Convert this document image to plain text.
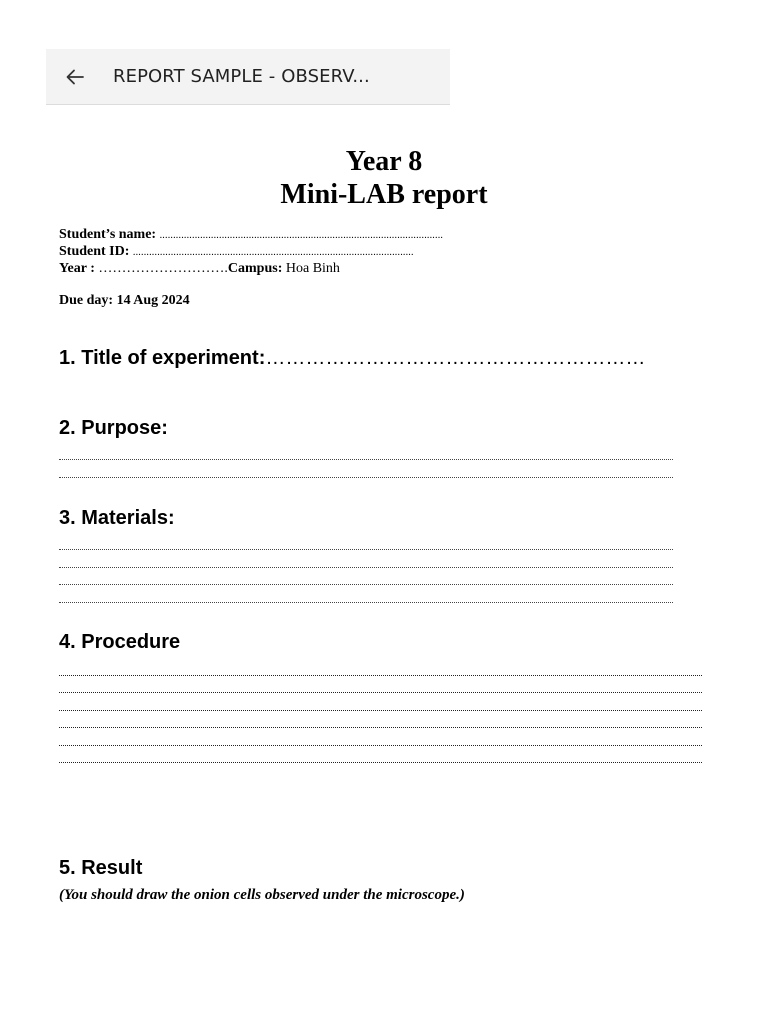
REPORT SAMPLE - OBSERV...
Year 8
Mini-LAB report
Student’s name: .........................................................................................................
Student ID: ........................................................................................................
Year : ……………………….Campus: Hoa Binh
Due day: 14 Aug 2024
1. Title of experiment:…………………………………………………
2. Purpose:
3. Materials:
4. Procedure
5. Result
(You should draw the onion cells observed under the microscope.)
